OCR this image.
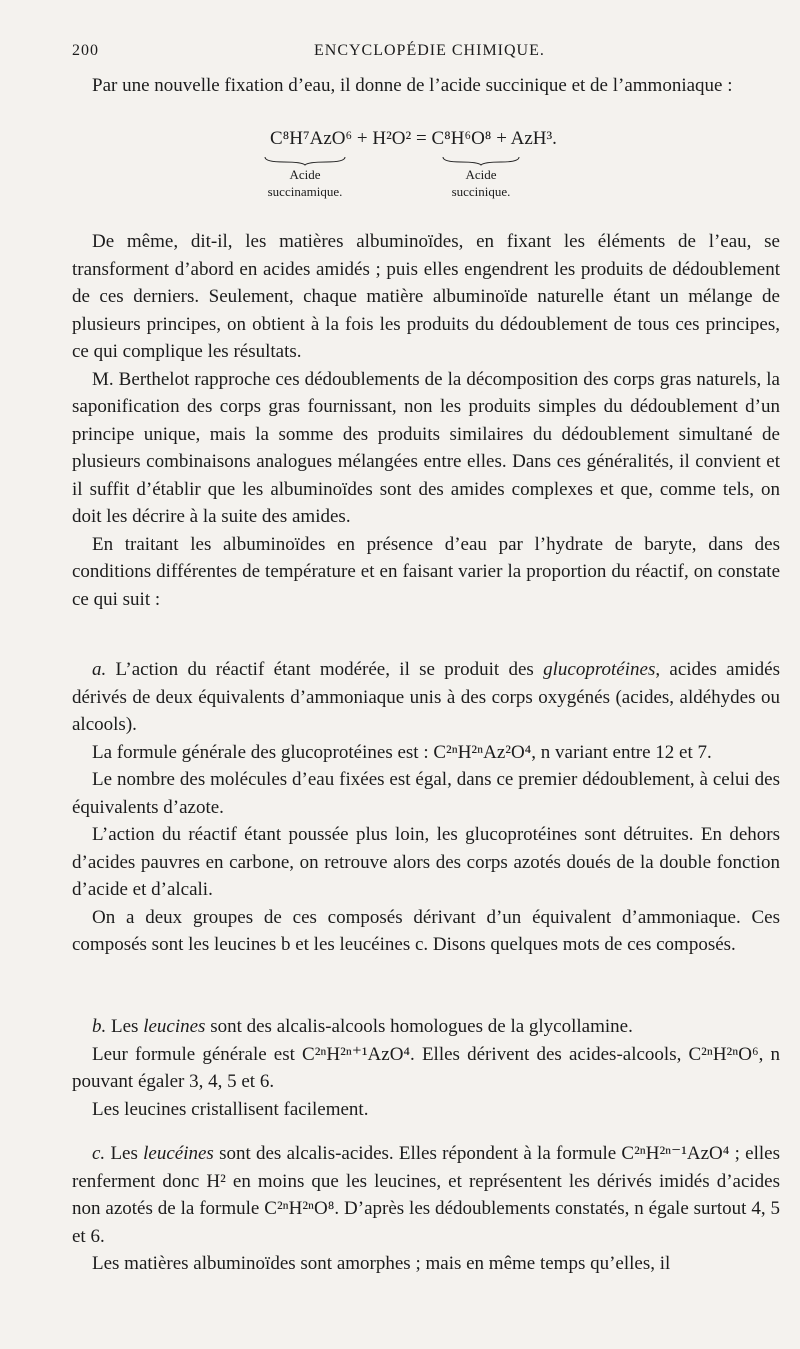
200	ENCYCLOPÉDIE CHIMIQUE.

Par une nouvelle fixation d’eau, il donne de l’acide succinique et de l’ammoniaque :

C⁸H⁷AzO⁶ + H²O² = C⁸H⁶O⁸ + AzH³.
Acide
succinamique.
Acide
succinique.

De même, dit-il, les matières albuminoïdes, en fixant les éléments de l’eau, se transforment d’abord en acides amidés ; puis elles engendrent les produits de dédoublement de ces derniers. Seulement, chaque matière albuminoïde naturelle étant un mélange de plusieurs principes, on obtient à la fois les produits du dédoublement de tous ces principes, ce qui complique les résultats.

M. Berthelot rapproche ces dédoublements de la décomposition des corps gras naturels, la saponification des corps gras fournissant, non les produits simples du dédoublement d’un principe unique, mais la somme des produits similaires du dédoublement simultané de plusieurs combinaisons analogues mélangées entre elles. Dans ces généralités, il convient et il suffit d’établir que les albuminoïdes sont des amides complexes et que, comme tels, on doit les décrire à la suite des amides.

En traitant les albuminoïdes en présence d’eau par l’hydrate de baryte, dans des conditions différentes de température et en faisant varier la proportion du réactif, on constate ce qui suit :

a. L’action du réactif étant modérée, il se produit des glucoprotéines, acides amidés dérivés de deux équivalents d’ammoniaque unis à des corps oxygénés (acides, aldéhydes ou alcools).

La formule générale des glucoprotéines est : C²ⁿH²ⁿAz²O⁴, n variant entre 12 et 7.

Le nombre des molécules d’eau fixées est égal, dans ce premier dédoublement, à celui des équivalents d’azote.

L’action du réactif étant poussée plus loin, les glucoprotéines sont détruites. En dehors d’acides pauvres en carbone, on retrouve alors des corps azotés doués de la double fonction d’acide et d’alcali.

On a deux groupes de ces composés dérivant d’un équivalent d’ammoniaque. Ces composés sont les leucines b et les leucéines c. Disons quelques mots de ces composés.

b. Les leucines sont des alcalis-alcools homologues de la glycollamine.

Leur formule générale est C²ⁿH²ⁿ⁺¹AzO⁴. Elles dérivent des acides-alcools, C²ⁿH²ⁿO⁶, n pouvant égaler 3, 4, 5 et 6.

Les leucines cristallisent facilement.

c. Les leucéines sont des alcalis-acides. Elles répondent à la formule C²ⁿH²ⁿ⁻¹AzO⁴ ; elles renferment donc H² en moins que les leucines, et représentent les dérivés imidés d’acides non azotés de la formule C²ⁿH²ⁿO⁸. D’après les dédoublements constatés, n égale surtout 4, 5 et 6.

Les matières albuminoïdes sont amorphes ; mais en même temps qu’elles, il
